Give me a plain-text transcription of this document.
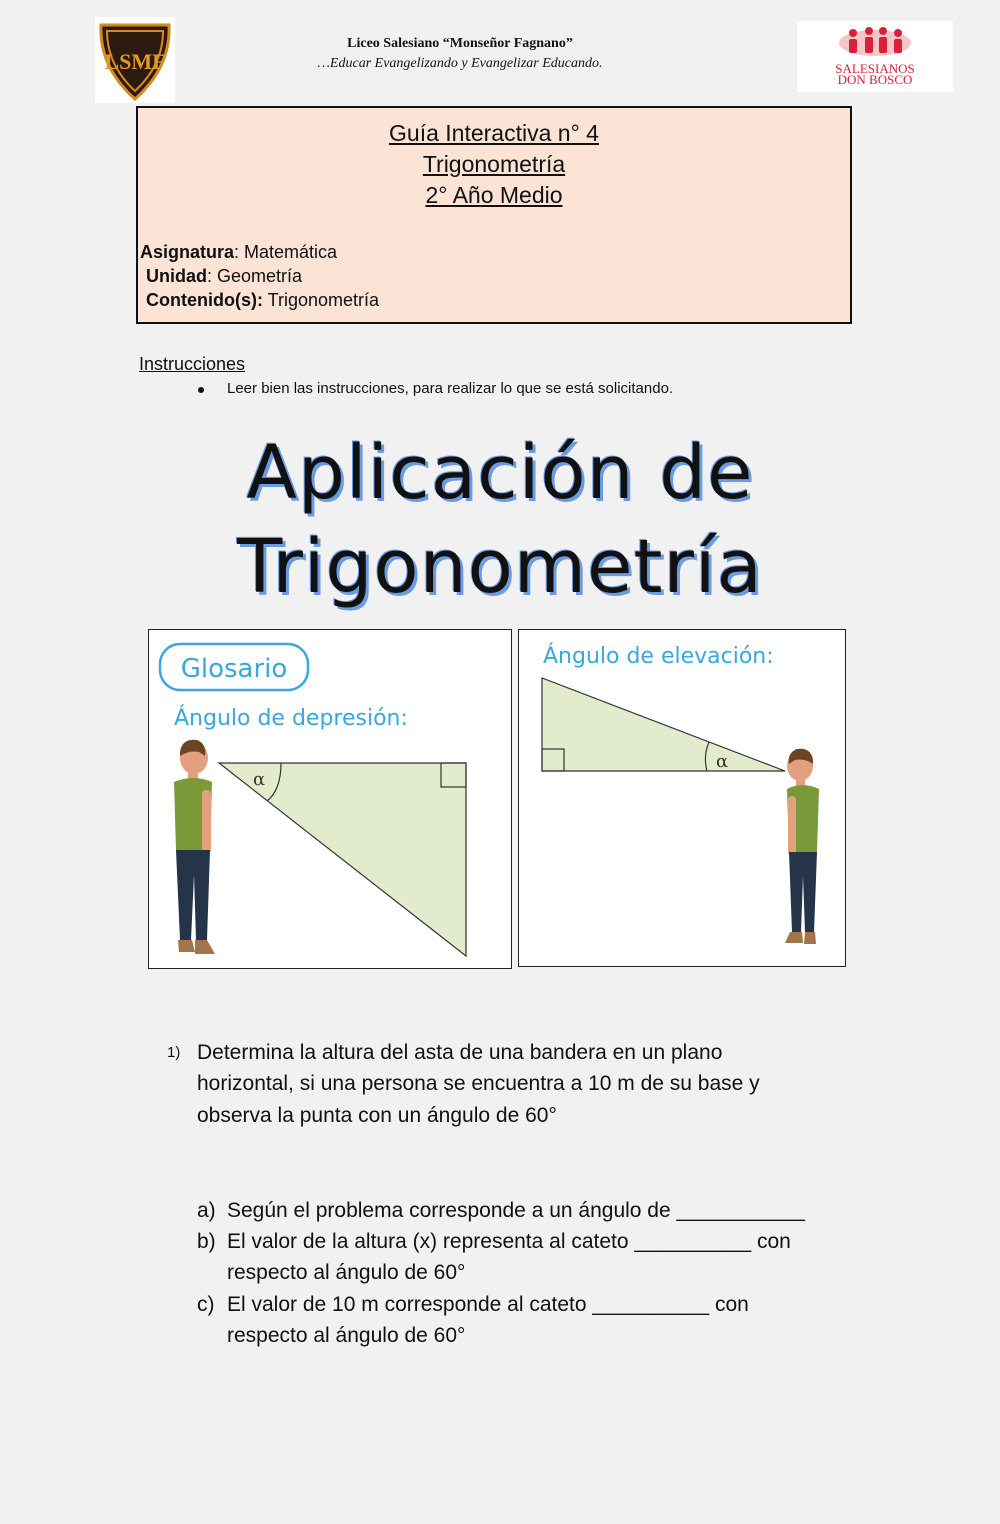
LSMF
Liceo Salesiano “Monseñor Fagnano”
…Educar Evangelizando y Evangelizar Educando.	SALESIANOS
DON BOSCO
Guía Interactiva n° 4
Trigonometría
2° Año Medio
Asignatura: Matemática
Unidad: Geometría
Contenido(s): Trigonometría
Instrucciones
Leer bien las instrucciones, para realizar lo que se está solicitando.
Aplicación de
Trigonometría
Glosario
Ángulo de depresión:
α
Ángulo de elevación:
α
1) Determina la altura del asta de una bandera en un plano
horizontal, si una persona se encuentra a 10 m de su base y
observa la punta con un ángulo de 60°
a) Según el problema corresponde a un ángulo de ___________
b) El valor de la altura (x) representa al cateto __________ con
respecto al ángulo de 60°
c) El valor de 10 m corresponde al cateto __________ con
respecto al ángulo de 60°
